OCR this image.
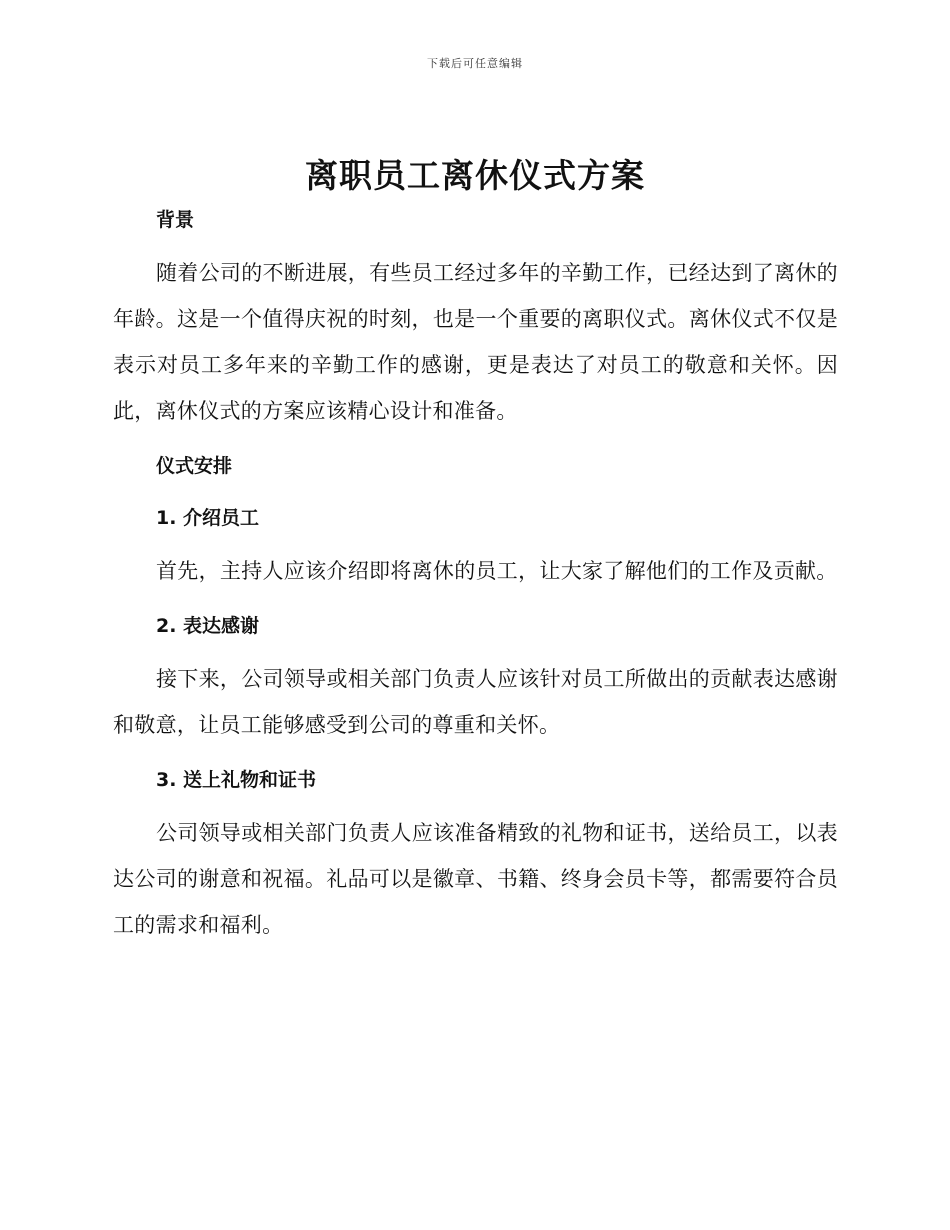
下载后可任意编辑
离职员工离休仪式方案

背景

随着公司的不断进展，有些员工经过多年的辛勤工作，已经达到了离休的年龄。这是一个值得庆祝的时刻，也是一个重要的离职仪式。离休仪式不仅是表示对员工多年来的辛勤工作的感谢，更是表达了对员工的敬意和关怀。因此，离休仪式的方案应该精心设计和准备。

仪式安排

1. 介绍员工

首先，主持人应该介绍即将离休的员工，让大家了解他们的工作及贡献。

2. 表达感谢

接下来，公司领导或相关部门负责人应该针对员工所做出的贡献表达感谢和敬意，让员工能够感受到公司的尊重和关怀。

3. 送上礼物和证书

公司领导或相关部门负责人应该准备精致的礼物和证书，送给员工，以表达公司的谢意和祝福。礼品可以是徽章、书籍、终身会员卡等，都需要符合员工的需求和福利。
